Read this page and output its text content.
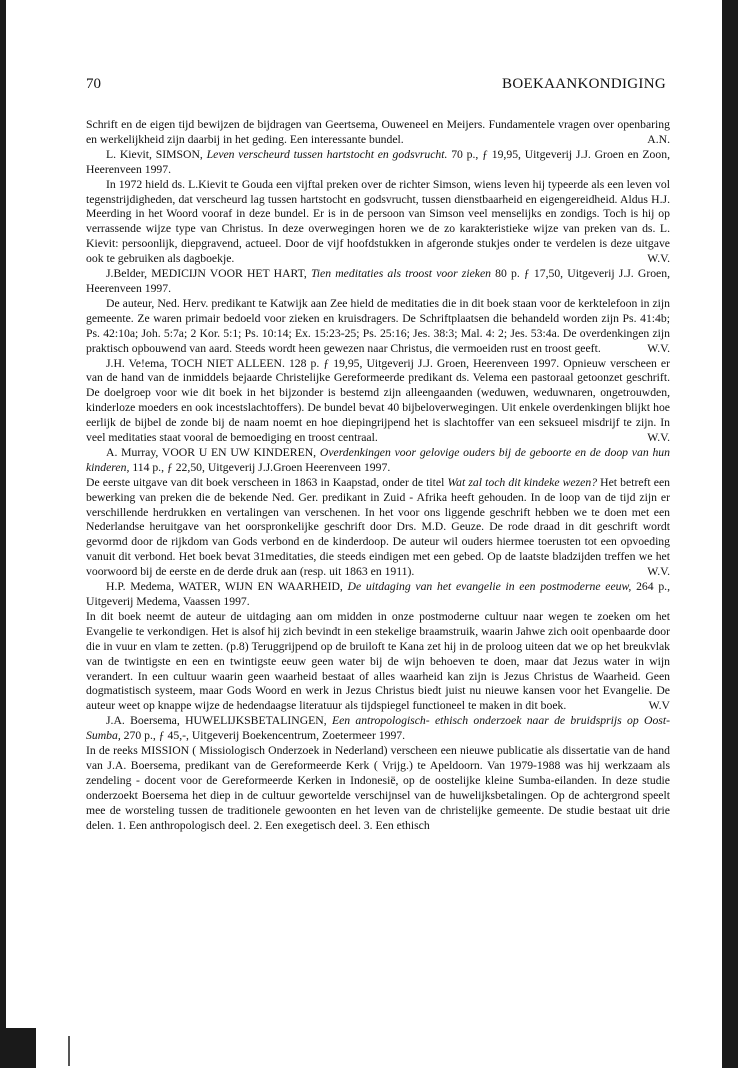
70	BOEKAANKONDIGING

Schrift en de eigen tijd bewijzen de bijdragen van Geertsema, Ouweneel en Meijers. Fundamentele vragen over openbaring en werkelijkheid zijn daarbij in het geding. Een interessante bundel.	A.N.

L. Kievit, SIMSON, Leven verscheurd tussen hartstocht en godsvrucht. 70 p., ƒ 19,95, Uitgeverij J.J. Groen en Zoon, Heerenveen 1997.

In 1972 hield ds. L.Kievit te Gouda een vijftal preken over de richter Simson, wiens leven hij typeerde als een leven vol tegenstrijdigheden, dat verscheurd lag tussen hartstocht en godsvrucht, tussen dienstbaarheid en eigengereidheid. Aldus H.J. Meerding in het Woord vooraf in deze bundel. Er is in de persoon van Simson veel menselijks en zondigs. Toch is hij op verrassende wijze type van Christus. In deze overwegingen horen we de zo karakteristieke wijze van preken van ds. L. Kievit: persoonlijk, diepgravend, actueel. Door de vijf hoofdstukken in afgeronde stukjes onder te verdelen is deze uitgave ook te gebruiken als dagboekje.	W.V.

J.Belder, MEDICIJN VOOR HET HART, Tien meditaties als troost voor zieken 80 p. ƒ 17,50, Uitgeverij J.J. Groen, Heerenveen 1997.

De auteur, Ned. Herv. predikant te Katwijk aan Zee hield de meditaties die in dit boek staan voor de kerktelefoon in zijn gemeente. Ze waren primair bedoeld voor zieken en kruisdragers. De Schriftplaatsen die behandeld worden zijn Ps. 41:4b; Ps. 42:10a; Joh. 5:7a; 2 Kor. 5:1; Ps. 10:14; Ex. 15:23-25; Ps. 25:16; Jes. 38:3; Mal. 4: 2; Jes. 53:4a. De overdenkingen zijn praktisch opbouwend van aard. Steeds wordt heen gewezen naar Christus, die vermoeiden rust en troost geeft.	W.V.

J.H. Ve!ema, TOCH NIET ALLEEN. 128 p. ƒ 19,95, Uitgeverij J.J. Groen, Heerenveen 1997. Opnieuw verscheen er van de hand van de inmiddels bejaarde Christelijke Gereformeerde predikant ds. Velema een pastoraal getoonzet geschrift. De doelgroep voor wie dit boek in het bijzonder is bestemd zijn alleengaanden (weduwen, weduwnaren, ongetrouwden, kinderloze moeders en ook incestslachtoffers). De bundel bevat 40 bijbeloverwegingen. Uit enkele overdenkingen blijkt hoe eerlijk de bijbel de zonde bij de naam noemt en hoe diepingrijpend het is slachtoffer van een seksueel misdrijf te zijn. In veel meditaties staat vooral de bemoediging en troost centraal.	W.V.

A. Murray, VOOR U EN UW KINDEREN, Overdenkingen voor gelovige ouders bij de geboorte en de doop van hun kinderen, 114 p., ƒ 22,50, Uitgeverij J.J.Groen Heerenveen 1997.

De eerste uitgave van dit boek verscheen in 1863 in Kaapstad, onder de titel Wat zal toch dit kindeke wezen? Het betreft een bewerking van preken die de bekende Ned. Ger. predikant in Zuid - Afrika heeft gehouden. In de loop van de tijd zijn er verschillende herdrukken en vertalingen van verschenen. In het voor ons liggende geschrift hebben we te doen met een Nederlandse heruitgave van het oorspronkelijke geschrift door Drs. M.D. Geuze. De rode draad in dit geschrift wordt gevormd door de rijkdom van Gods verbond en de kinderdoop. De auteur wil ouders hiermee toerusten tot een opvoeding vanuit dit verbond. Het boek bevat 31meditaties, die steeds eindigen met een gebed. Op de laatste bladzijden treffen we het voorwoord bij de eerste en de derde druk aan (resp. uit 1863 en 1911).	W.V.

H.P. Medema, WATER, WIJN EN WAARHEID, De uitdaging van het evangelie in een postmoderne eeuw, 264 p., Uitgeverij Medema, Vaassen 1997.

In dit boek neemt de auteur de uitdaging aan om midden in onze postmoderne cultuur naar wegen te zoeken om het Evangelie te verkondigen. Het is alsof hij zich bevindt in een stekelige braamstruik, waarin Jahwe zich ooit openbaarde door die in vuur en vlam te zetten. (p.8) Teruggrijpend op de bruiloft te Kana zet hij in de proloog uiteen dat we op het breukvlak van de twintigste en een en twintigste eeuw geen water bij de wijn behoeven te doen, maar dat Jezus water in wijn verandert. In een cultuur waarin geen waarheid bestaat of alles waarheid kan zijn is Jezus Christus de Waarheid. Geen dogmatistisch systeem, maar Gods Woord en werk in Jezus Christus biedt juist nu nieuwe kansen voor het Evangelie. De auteur weet op knappe wijze de hedendaagse literatuur als tijdspiegel functioneel te maken in dit boek.	W.V

J.A. Boersema, HUWELIJKSBETALINGEN, Een antropologisch- ethisch onderzoek naar de bruidsprijs op Oost- Sumba, 270 p., ƒ 45,-, Uitgeverij Boekencentrum, Zoetermeer 1997.

In de reeks MISSION ( Missiologisch Onderzoek in Nederland) verscheen een nieuwe publicatie als dissertatie van de hand van J.A. Boersema, predikant van de Gereformeerde Kerk ( Vrijg.) te Apeldoorn. Van 1979-1988 was hij werkzaam als zendeling - docent voor de Gereformeerde Kerken in Indonesië, op de oostelijke kleine Sumba-eilanden. In deze studie onderzoekt Boersema het diep in de cultuur gewortelde verschijnsel van de huwelijksbetalingen. Op de achtergrond speelt mee de worsteling tussen de traditionele gewoonten en het leven van de christelijke gemeente. De studie bestaat uit drie delen. 1. Een anthropologisch deel. 2. Een exegetisch deel. 3. Een ethisch
